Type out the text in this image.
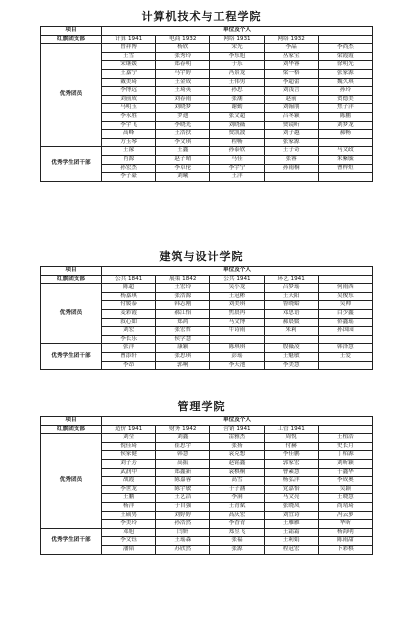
计算机技术与工程学院
项目	单位及个人				
红旗团支部	计算 1941	电商 1932	网络 1931	网络 1932	
优秀团员	曾祥博	杨欣	宋光	李晶	李尚杰
	王雪	张秀玲	李东旭	丛家宝	梁霞霞
	宋继媛	郑春明	于乐	刘华睿	徐明光
	王嘉宁	马宇婷	冯景龙	梁一格	张家源
	戴美琦	王金成	王伟男	李超蕾	魏久琪
	李博远	王琦英	孙思	刘浅言	孙玲
	刘前成	刘春雨	张潮	赵前	贺德美
	马明玉	刘晓梦	谢勤	刘翰朋	焦子洋
	李永胜	罗迪	张文超	吕冬颖	陈鹏
	李宇飞	李晓光	刘晓薇	贾镜昕	刘梦龙
	高峰	王浩扶	贾凯波	刘子越	郝畅
	方玉琴	李文琪	程畅	张家源	
优秀学生团干部	王濛	王鑫	孙泰欣	王子奇	马文政
	肖源	赵子晴	马佳	张睿	朱紫毓
	孙宏杰	李卓伦	李宇宁	孙雨桐	曹梓烜
	李子豪	刘曦	王洋		
建筑与设计学院
项目	单位及个人				
红旗团支部	公共 1841	展策 1842	公共 1941	环艺 1941	
优秀团员	陈超	王宏玲	吴小龙	吕梦瑶	何雨西
	杨嘉琪	张浩源	王冠彬	王天阳	吴俊东
	付媛泰	韩志刚	刘美琪	鲁晓蛤	吴帅
	麦彩霞	郝江怡	焦晨冉	邓思语	白少鑫
	叙心如	郑鸿	马文博	郝晨媛	侨鑫瑶
	刘宏	张宏哲	牛诗雨	朱莉	孙国园
	李长乐	侯学慧			
优秀学生团干部	张洋	康颖	陈琪琪	殷薇凌	韩泽慧
	曹添轩	张思琪	彭瑶	王魁敏	王爱
	李昂	郭响	李天池	李美慧	
管理学院
项目	单位及个人				
红旗团支部	造价 1941	财务 1942	营销 1941	工管 1941	
优秀团员	刘莹	刘鑫	雷雅杰	周悦	王植浩
	倪佳琦	崔思宇	张扬	付赫	史长月
	侯家健	韩慧	袁克想	李佳鹏	丁栢源
	刘子芳	高振	赵铭鑫	郭家宏	刘昕颖
	武润中	郑鑫新	袁棋桐	曹素慧	于鑫华
	战霞	陈嘉蓉	高雪	杨弘洋	李成奥
	李世龙	陈宇敏	于子涵	党嘉怡	吴颖
	王鹏	王艺洁	李洞	马文亮	王晓慧
	杨洋	于自强	王青斌	张晓凤	尚靖琦
	王硕男	刘婷婷	高庆宏	刘宜诗	冯云萝
	李美玲	孙浩然	李香青	王雁雁	华昕
优秀学生团干部	邓旭	闫妍	郑昱飞	王霜霜	杨海明
	李文钰	王瑶森	张福	王莉娟	陈雨甜
	潘韬	苏欣然	张源	程冠宏	卜彩棋
